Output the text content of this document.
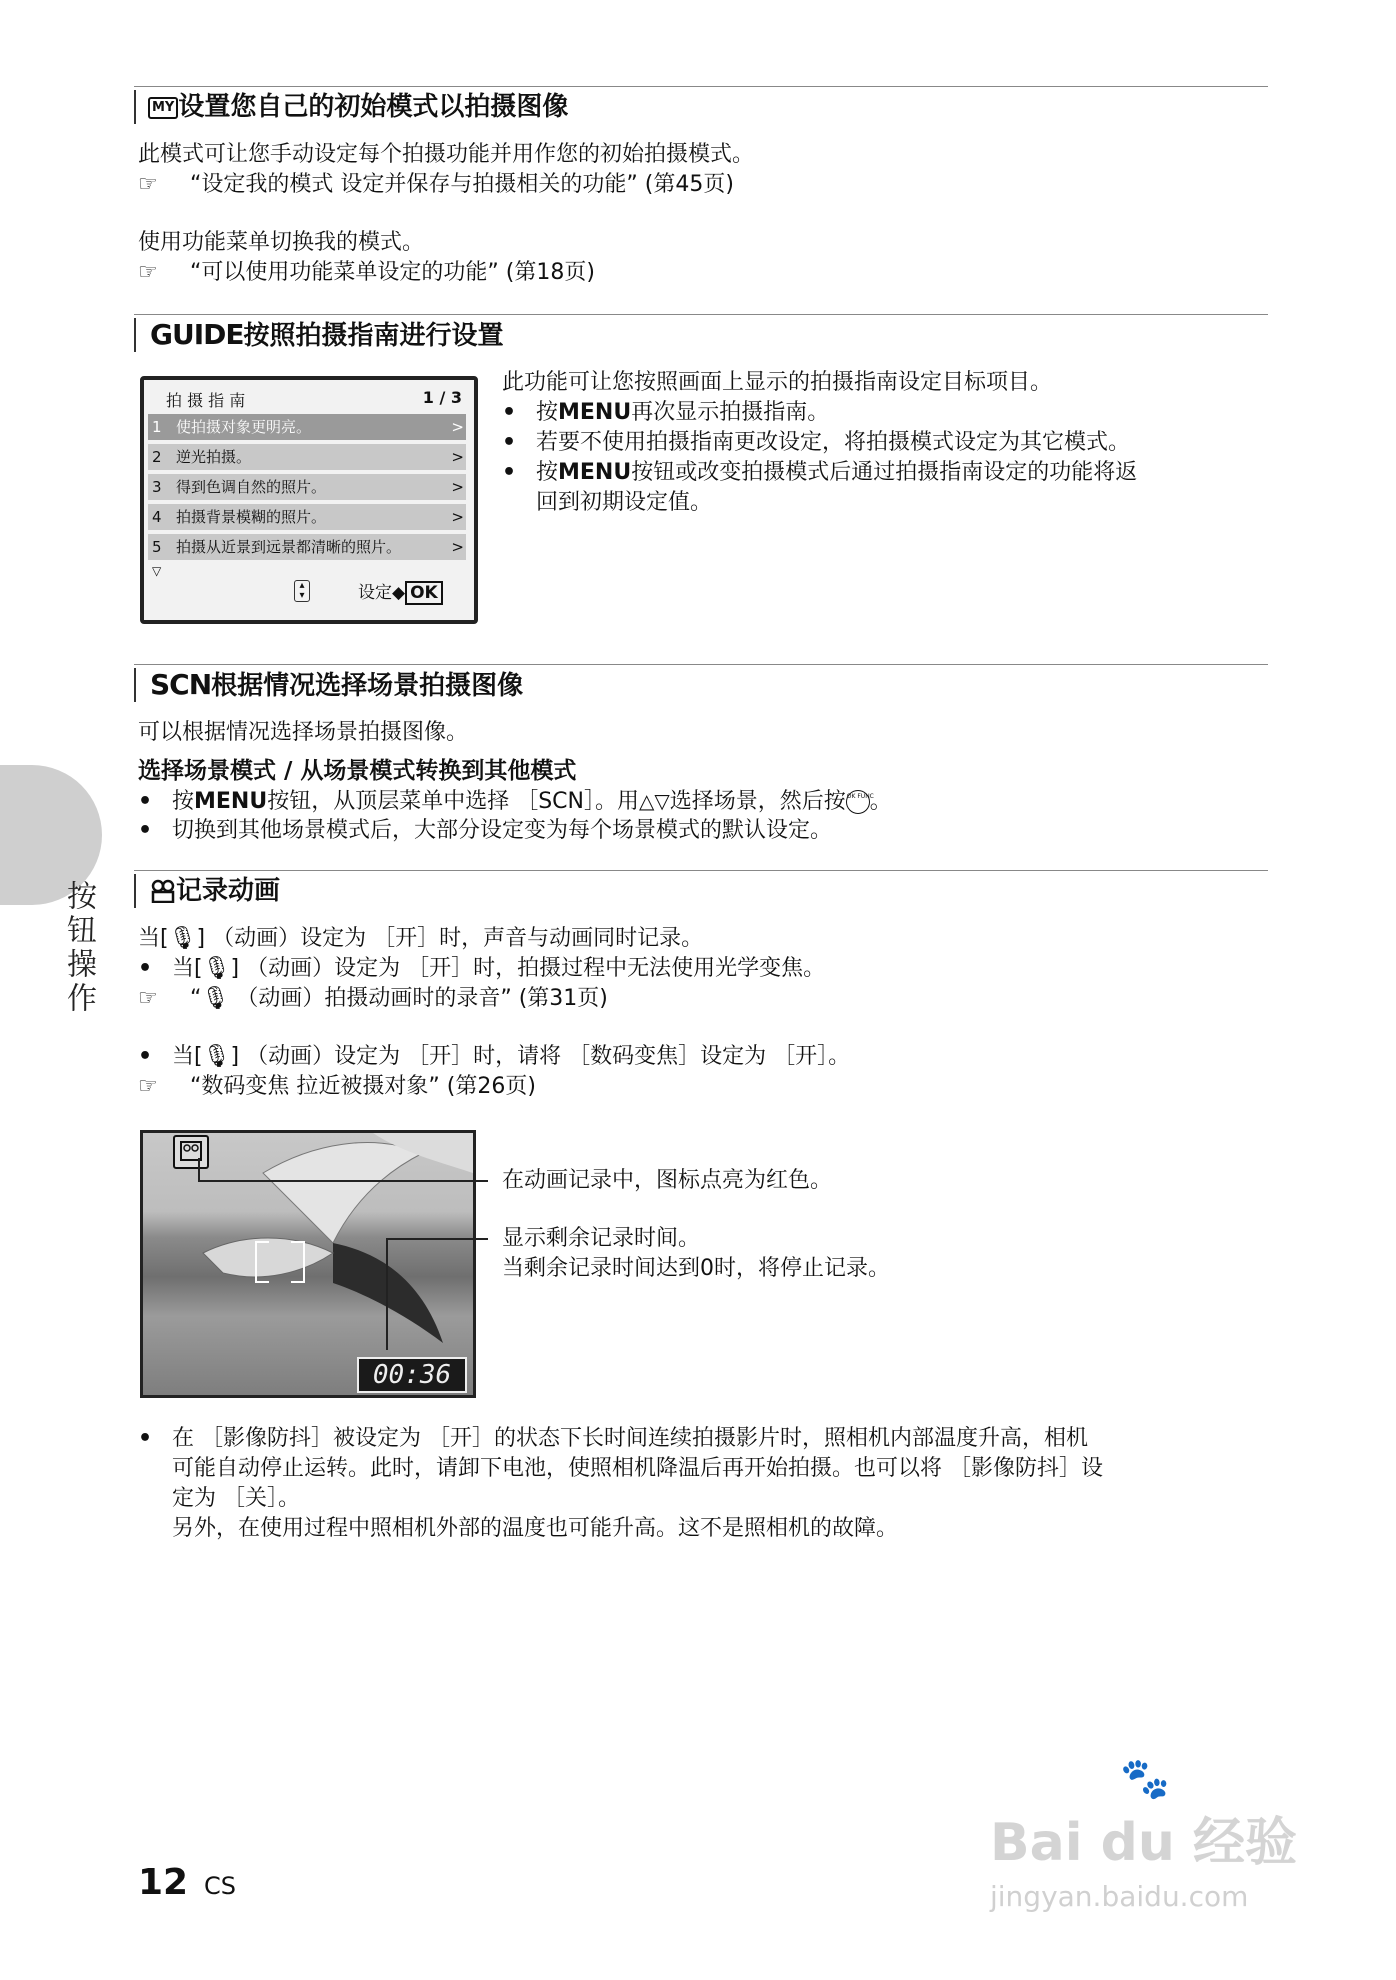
按钮操作
MY 设置您自己的初始模式以拍摄图像
此模式可让您手动设定每个拍摄功能并用作您的初始拍摄模式。
☞ “设定我的模式 设定并保存与拍摄相关的功能” (第45页)
使用功能菜单切换我的模式。
☞ “可以使用功能菜单设定的功能” (第18页)
GUIDE按照拍摄指南进行设置
拍 摄 指 南	1 / 3
1 使拍摄对象更明亮。	>
2 逆光拍摄。	>
3 得到色调自然的照片。	>
4 拍摄背景模糊的照片。	>
5 拍摄从近景到远景都清晰的照片。	>
▽
▴
▾	设定◆ OK
此功能可让您按照画面上显示的拍摄指南设定目标项目。
• 按MENU再次显示拍摄指南。
• 若要不使用拍摄指南更改设定，将拍摄模式设定为其它模式。
• 按MENU按钮或改变拍摄模式后通过拍摄指南设定的功能将返
回到初期设定值。
SCN根据情况选择场景拍摄图像
可以根据情况选择场景拍摄图像。
选择场景模式 / 从场景模式转换到其他模式
• 按MENU按钮，从顶层菜单中选择 ［SCN］。用△▽选择场景，然后按OK FUNC。
• 切换到其他场景模式后，大部分设定变为每个场景模式的默认设定。
记录动画
当[🎙] （动画）设定为 ［开］时，声音与动画同时记录。
• 当[🎙] （动画）设定为 ［开］时，拍摄过程中无法使用光学变焦。
☞ “🎙 （动画）拍摄动画时的录音” (第31页)
• 当[🎙] （动画）设定为 ［开］时，请将 ［数码变焦］设定为 ［开］。
☞ “数码变焦 拉近被摄对象” (第26页)
00:36
在动画记录中，图标点亮为红色。
显示剩余记录时间。
当剩余记录时间达到0时，将停止记录。
• 在 ［影像防抖］被设定为 ［开］的状态下长时间连续拍摄影片时，照相机内部温度升高，相机
可能自动停止运转。此时，请卸下电池，使照相机降温后再开始拍摄。也可以将 ［影像防抖］设
定为 ［关］。
另外，在使用过程中照相机外部的温度也可能升高。这不是照相机的故障。
12 CS
Bai du 经验
🐾
jingyan.baidu.com
